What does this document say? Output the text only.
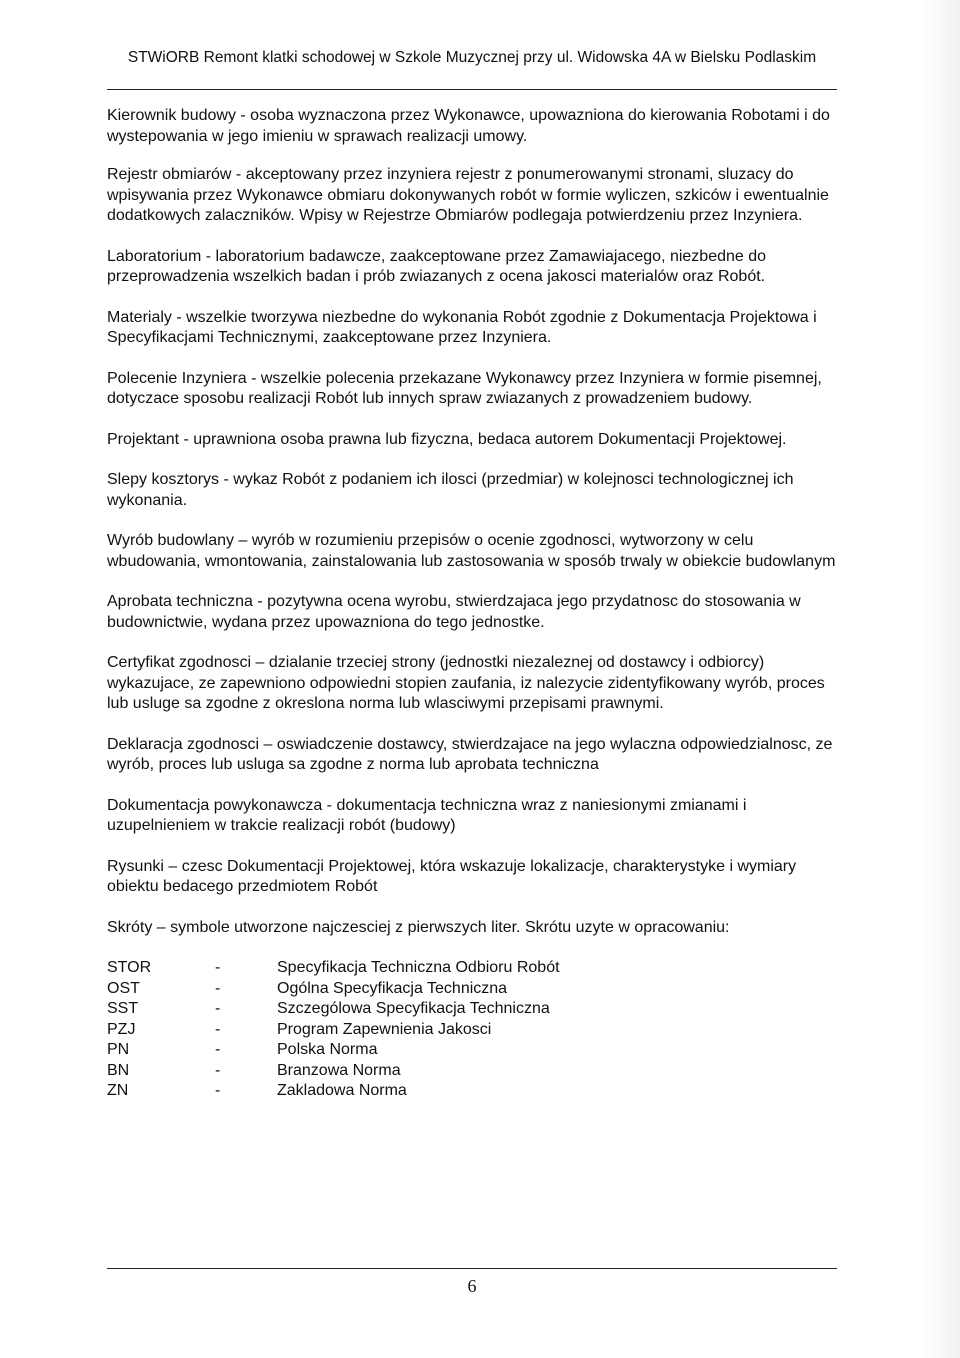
STWiORB Remont klatki schodowej w Szkole Muzycznej przy ul. Widowska 4A w Bielsku Podlaskim

Kierownik budowy - osoba wyznaczona przez Wykonawce, upowazniona do kierowania Robotami i do wystepowania w jego imieniu w sprawach realizacji umowy.

Rejestr obmiarów - akceptowany przez inzyniera rejestr z ponumerowanymi stronami, sluzacy do wpisywania przez Wykonawce obmiaru dokonywanych robót w formie wyliczen, szkiców i ewentualnie dodatkowych zalaczników. Wpisy w Rejestrze Obmiarów podlegaja potwierdzeniu przez Inzyniera.

Laboratorium - laboratorium badawcze, zaakceptowane przez Zamawiajacego, niezbedne do przeprowadzenia wszelkich badan i prób zwiazanych z ocena jakosci materialów oraz Robót.

Materialy - wszelkie tworzywa niezbedne do wykonania Robót zgodnie z Dokumentacja Projektowa i Specyfikacjami Technicznymi, zaakceptowane przez Inzyniera.

Polecenie Inzyniera - wszelkie polecenia przekazane Wykonawcy przez Inzyniera w formie pisemnej, dotyczace sposobu realizacji Robót lub innych spraw zwiazanych z prowadzeniem budowy.

Projektant - uprawniona osoba prawna lub fizyczna, bedaca autorem Dokumentacji Projektowej.

Slepy kosztorys - wykaz Robót z podaniem ich ilosci (przedmiar) w kolejnosci technologicznej ich wykonania.

Wyrób budowlany – wyrób w rozumieniu przepisów o ocenie zgodnosci, wytworzony w celu wbudowania, wmontowania, zainstalowania lub zastosowania w sposób trwaly w obiekcie budowlanym

Aprobata techniczna - pozytywna ocena wyrobu, stwierdzajaca jego przydatnosc do stosowania w budownictwie, wydana przez upowazniona do tego jednostke.

Certyfikat zgodnosci – dzialanie trzeciej strony (jednostki niezaleznej od dostawcy i odbiorcy) wykazujace, ze zapewniono odpowiedni stopien zaufania, iz nalezycie zidentyfikowany wyrób, proces lub usluge sa zgodne z okreslona norma lub wlasciwymi przepisami prawnymi.

Deklaracja zgodnosci – oswiadczenie dostawcy, stwierdzajace na jego wylaczna odpowiedzialnosc, ze wyrób, proces lub usluga sa zgodne z norma lub aprobata techniczna

Dokumentacja powykonawcza - dokumentacja techniczna wraz z naniesionymi zmianami i uzupelnieniem w trakcie realizacji robót (budowy)

Rysunki – czesc Dokumentacji Projektowej, która wskazuje lokalizacje, charakterystyke i wymiary obiektu bedacego przedmiotem Robót

Skróty – symbole utworzone najczesciej z pierwszych liter. Skrótu uzyte w opracowaniu:

STOR	-	Specyfikacja Techniczna Odbioru Robót
OST	-	Ogólna Specyfikacja Techniczna
SST	-	Szczególowa Specyfikacja Techniczna
PZJ	-	Program Zapewnienia Jakosci
PN	-	Polska Norma
BN	-	Branzowa Norma
ZN	-	Zakladowa Norma
6
